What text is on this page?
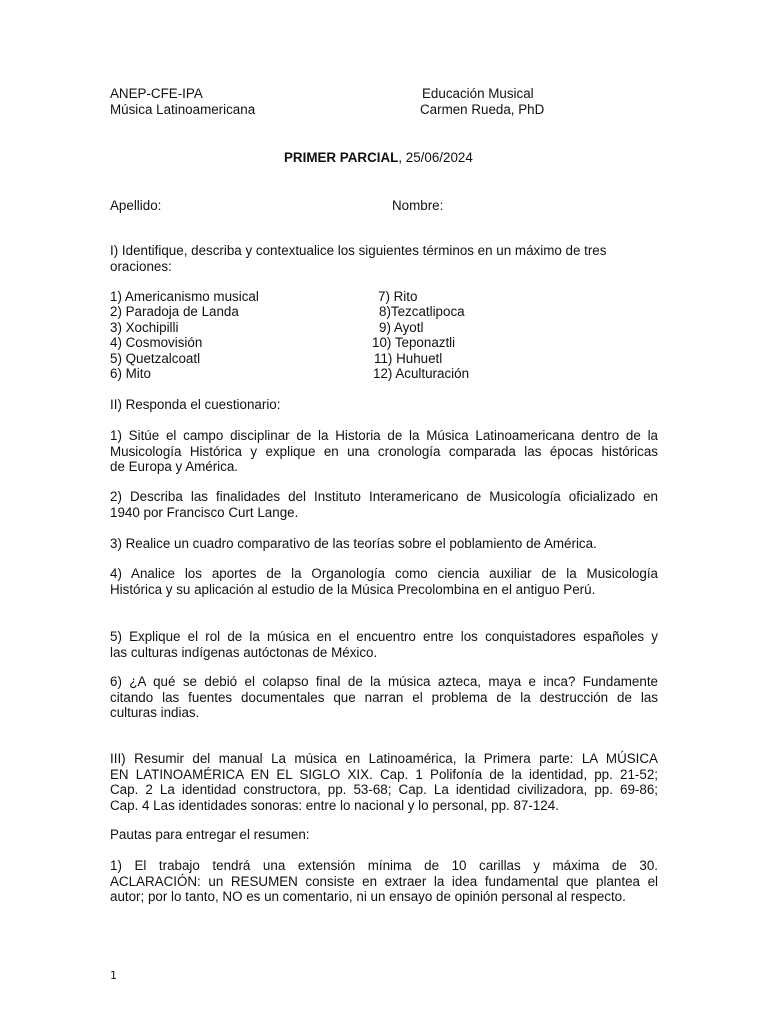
ANEP-CFE-IPA
Música Latinoamericana
Educación Musical
Carmen Rueda, PhD
PRIMER PARCIAL, 25/06/2024
Apellido:	Nombre:
I) Identifique, describa y contextualice los siguientes términos en un máximo de tres
oraciones:
1) Americanismo musical
2) Paradoja de Landa
3) Xochipilli
4) Cosmovisión
5) Quetzalcoatl
6) Mito
7) Rito
8)Tezcatlipoca
9) Ayotl
10) Teponaztli
11) Huhuetl
12) Aculturación
II) Responda el cuestionario:
1) Sitúe el campo disciplinar de la Historia de la Música Latinoamericana dentro de la
Musicología Histórica y explique en una cronología comparada las épocas históricas
de Europa y América.
2) Describa las finalidades del Instituto Interamericano de Musicología oficializado en
1940 por Francisco Curt Lange.
3) Realice un cuadro comparativo de las teorías sobre el poblamiento de América.
4) Analice los aportes de la Organología como ciencia auxiliar de la Musicología
Histórica y su aplicación al estudio de la Música Precolombina en el antiguo Perú.
5) Explique el rol de la música en el encuentro entre los conquistadores españoles y
las culturas indígenas autóctonas de México.
6) ¿A qué se debió el colapso final de la música azteca, maya e inca? Fundamente
citando las fuentes documentales que narran el problema de la destrucción de las
culturas indias.
III) Resumir del manual La música en Latinoamérica, la Primera parte: LA MÚSICA
EN LATINOAMÉRICA EN EL SIGLO XIX. Cap. 1 Polifonía de la identidad, pp. 21-52;
Cap. 2 La identidad constructora, pp. 53-68; Cap. La identidad civilizadora, pp. 69-86;
Cap. 4 Las identidades sonoras: entre lo nacional y lo personal, pp. 87-124.
Pautas para entregar el resumen:
1) El trabajo tendrá una extensión mínima de 10 carillas y máxima de 30.
ACLARACIÓN: un RESUMEN consiste en extraer la idea fundamental que plantea el
autor; por lo tanto, NO es un comentario, ni un ensayo de opinión personal al respecto.
1
